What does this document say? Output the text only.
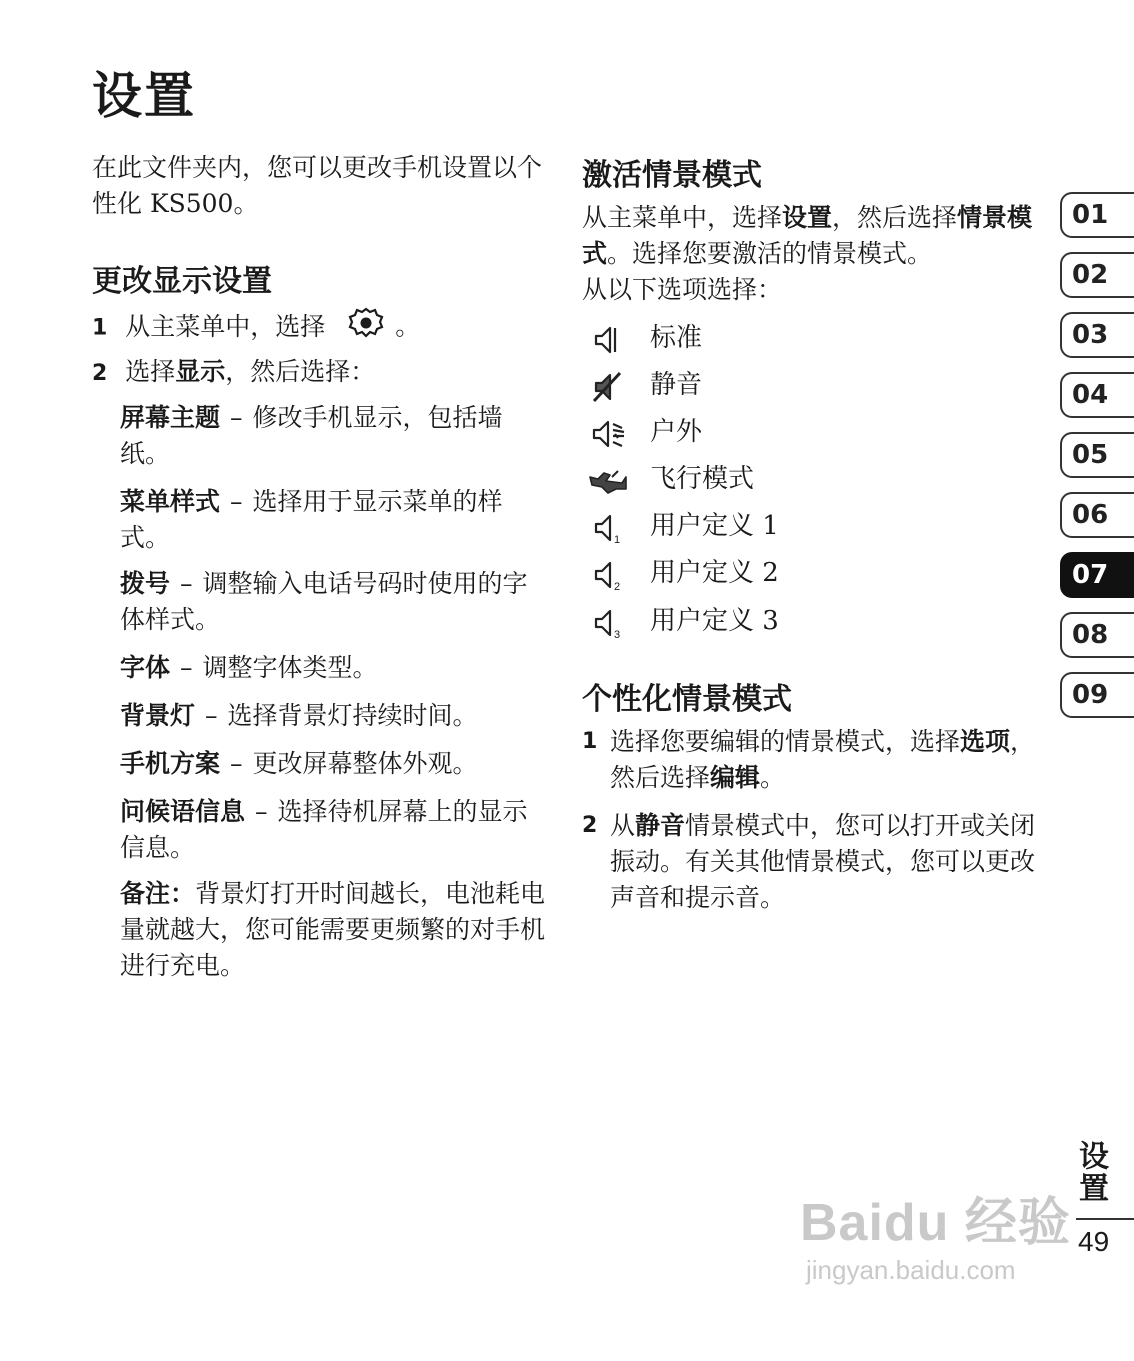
设置
在此文件夹内，您可以更改手机设置以个性化 KS500。
更改显示设置
1 从主菜单中，选择	。
2 选择显示，然后选择：
屏幕主题 – 修改手机显示，包括墙纸。
菜单样式 – 选择用于显示菜单的样式。
拨号 – 调整输入电话号码时使用的字体样式。
字体 – 调整字体类型。
背景灯 – 选择背景灯持续时间。
手机方案 – 更改屏幕整体外观。
问候语信息 – 选择待机屏幕上的显示信息。
备注：背景灯打开时间越长，电池耗电量就越大，您可能需要更频繁的对手机进行充电。
激活情景模式
从主菜单中，选择设置，然后选择情景模式。选择您要激活的情景模式。
从以下选项选择：
标准
静音
户外
飞行模式
1 用户定义 1
2 用户定义 2
3 用户定义 3
个性化情景模式
1 选择您要编辑的情景模式，选择选项，然后选择编辑。
2 从静音情景模式中，您可以打开或关闭振动。有关其他情景模式，您可以更改声音和提示音。
01
02
03
04
05
06
07
08
09
设置
49
Baidu 经验
jingyan.baidu.com
